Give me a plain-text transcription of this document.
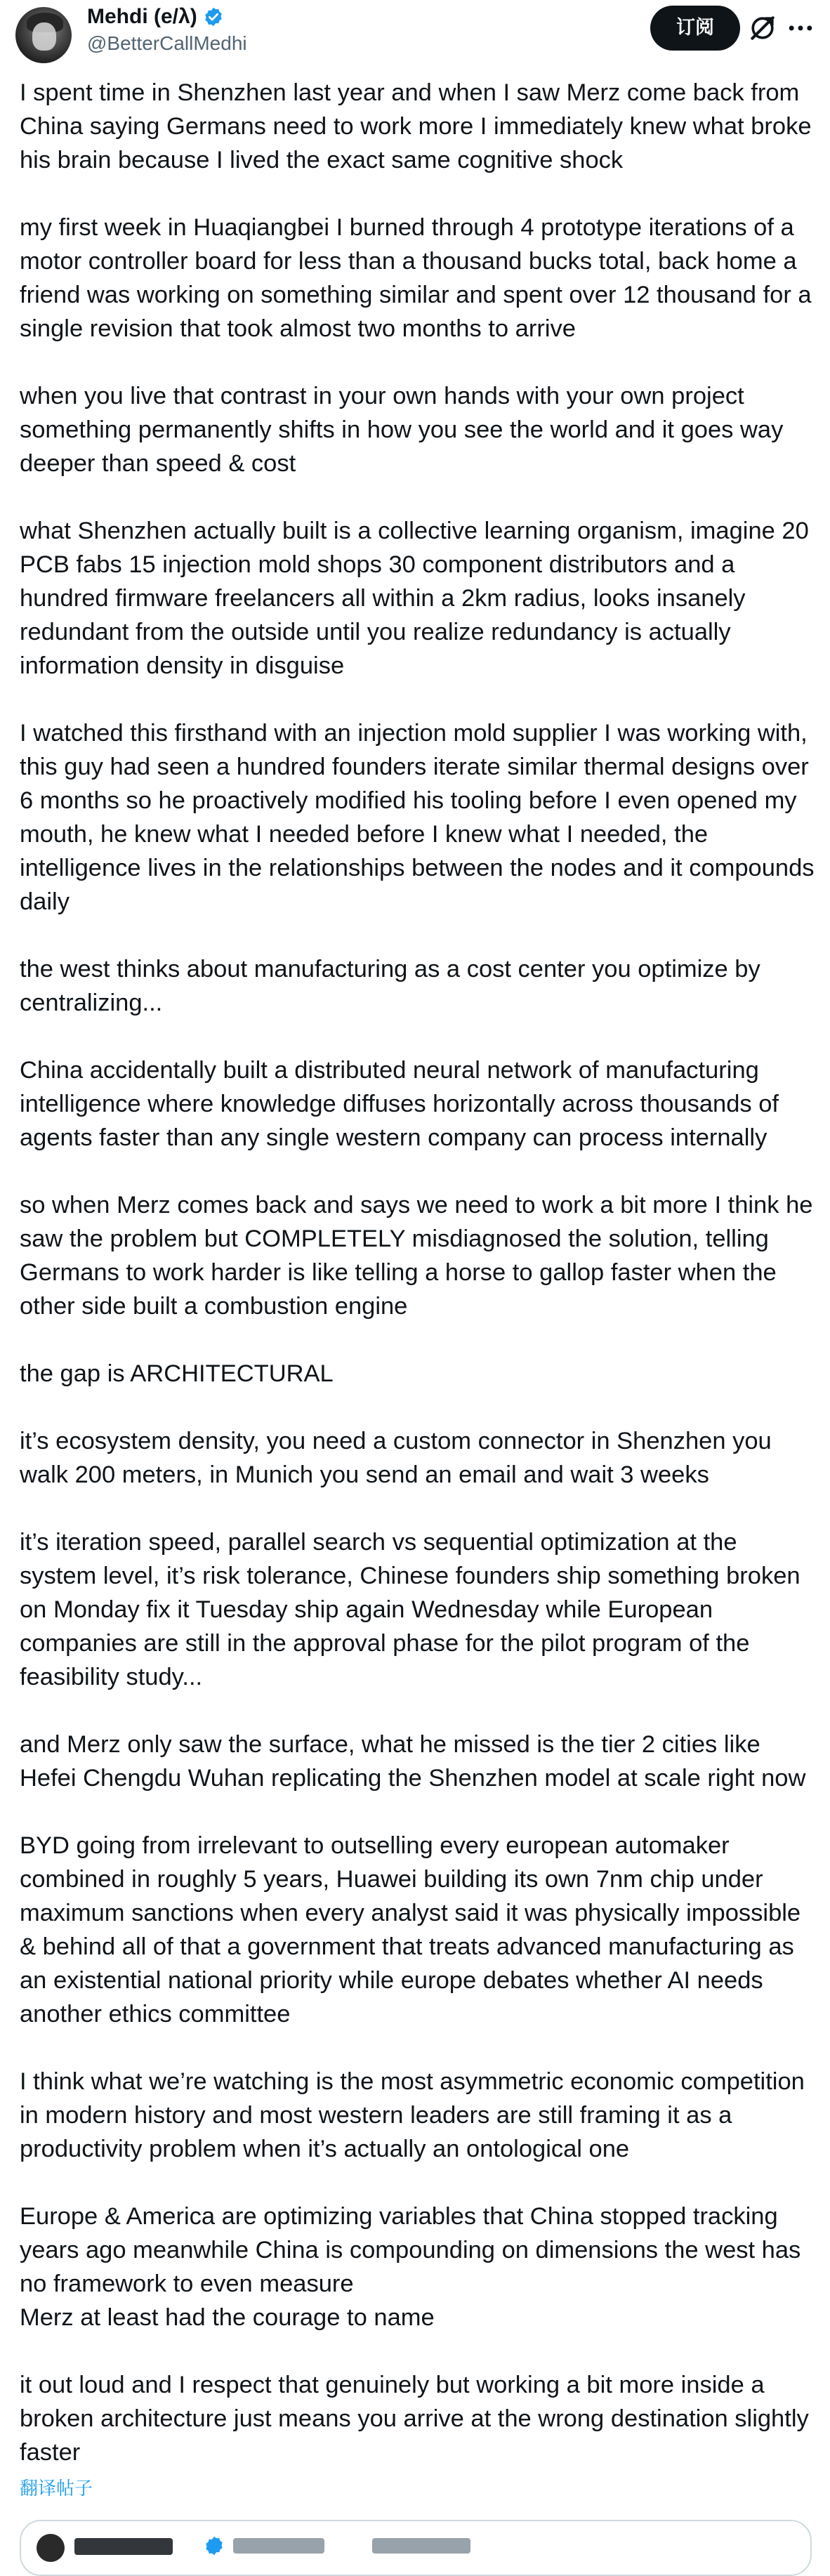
Mehdi (e/λ)
@BetterCallMedhi
订阅

I spent time in Shenzhen last year and when I saw Merz come back from China saying Germans need to work more I immediately knew what broke his brain because I lived the exact same cognitive shock

my first week in Huaqiangbei I burned through 4 prototype iterations of a motor controller board for less than a thousand bucks total, back home a friend was working on something similar and spent over 12 thousand for a single revision that took almost two months to arrive

when you live that contrast in your own hands with your own project something permanently shifts in how you see the world and it goes way deeper than speed & cost

what Shenzhen actually built is a collective learning organism, imagine 20 PCB fabs 15 injection mold shops 30 component distributors and a hundred firmware freelancers all within a 2km radius, looks insanely redundant from the outside until you realize redundancy is actually information density in disguise

I watched this firsthand with an injection mold supplier I was working with, this guy had seen a hundred founders iterate similar thermal designs over 6 months so he proactively modified his tooling before I even opened my mouth, he knew what I needed before I knew what I needed, the intelligence lives in the relationships between the nodes and it compounds daily

the west thinks about manufacturing as a cost center you optimize by centralizing...

China accidentally built a distributed neural network of manufacturing intelligence where knowledge diffuses horizontally across thousands of agents faster than any single western company can process internally

so when Merz comes back and says we need to work a bit more I think he saw the problem but COMPLETELY misdiagnosed the solution, telling Germans to work harder is like telling a horse to gallop faster when the other side built a combustion engine

the gap is ARCHITECTURAL

it’s ecosystem density, you need a custom connector in Shenzhen you walk 200 meters, in Munich you send an email and wait 3 weeks

it’s iteration speed, parallel search vs sequential optimization at the system level, it’s risk tolerance, Chinese founders ship something broken on Monday fix it Tuesday ship again Wednesday while European companies are still in the approval phase for the pilot program of the feasibility study...

and Merz only saw the surface, what he missed is the tier 2 cities like Hefei Chengdu Wuhan replicating the Shenzhen model at scale right now

BYD going from irrelevant to outselling every european automaker combined in roughly 5 years, Huawei building its own 7nm chip under maximum sanctions when every analyst said it was physically impossible & behind all of that a government that treats advanced manufacturing as an existential national priority while europe debates whether AI needs another ethics committee

I think what we’re watching is the most asymmetric economic competition in modern history and most western leaders are still framing it as a productivity problem when it’s actually an ontological one

Europe & America are optimizing variables that China stopped tracking years ago meanwhile China is compounding on dimensions the west has no framework to even measure

Merz at least had the courage to name

it out loud and I respect that genuinely but working a bit more inside a broken architecture just means you arrive at the wrong destination slightly faster

翻译帖子
